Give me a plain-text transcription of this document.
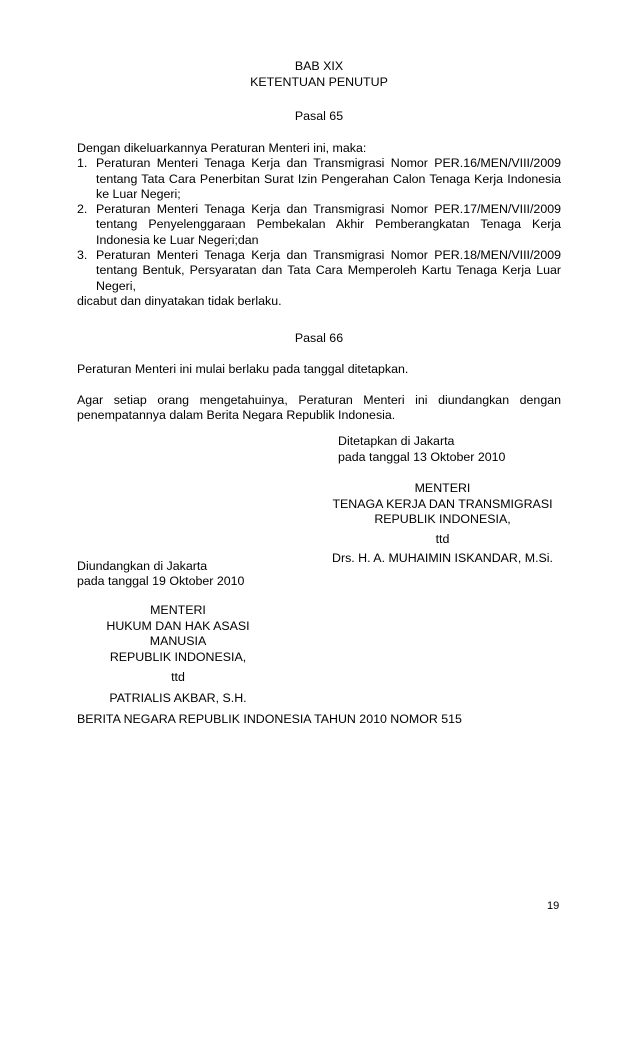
BAB XIX
KETENTUAN PENUTUP
Pasal 65
Dengan dikeluarkannya Peraturan Menteri ini, maka:
1. Peraturan Menteri Tenaga Kerja dan Transmigrasi Nomor PER.16/MEN/VIII/2009 tentang Tata Cara Penerbitan Surat Izin Pengerahan Calon Tenaga Kerja Indonesia ke Luar Negeri;
2. Peraturan Menteri Tenaga Kerja dan Transmigrasi Nomor PER.17/MEN/VIII/2009 tentang Penyelenggaraan Pembekalan Akhir Pemberangkatan Tenaga Kerja Indonesia ke Luar Negeri;dan
3. Peraturan Menteri Tenaga Kerja dan Transmigrasi Nomor PER.18/MEN/VIII/2009 tentang Bentuk, Persyaratan dan Tata Cara Memperoleh Kartu Tenaga Kerja Luar Negeri,
dicabut dan dinyatakan tidak berlaku.
Pasal 66
Peraturan Menteri ini mulai berlaku pada tanggal ditetapkan.
Agar setiap orang mengetahuinya, Peraturan Menteri ini diundangkan dengan penempatannya dalam Berita Negara Republik Indonesia.
Ditetapkan di Jakarta
pada tanggal 13 Oktober 2010
MENTERI
TENAGA KERJA DAN TRANSMIGRASI
REPUBLIK INDONESIA,
ttd
Drs. H. A. MUHAIMIN ISKANDAR, M.Si.
Diundangkan di Jakarta
pada tanggal 19 Oktober 2010
MENTERI
HUKUM DAN HAK ASASI MANUSIA
REPUBLIK INDONESIA,
ttd
PATRIALIS AKBAR, S.H.
BERITA NEGARA REPUBLIK INDONESIA TAHUN 2010 NOMOR 515
19
